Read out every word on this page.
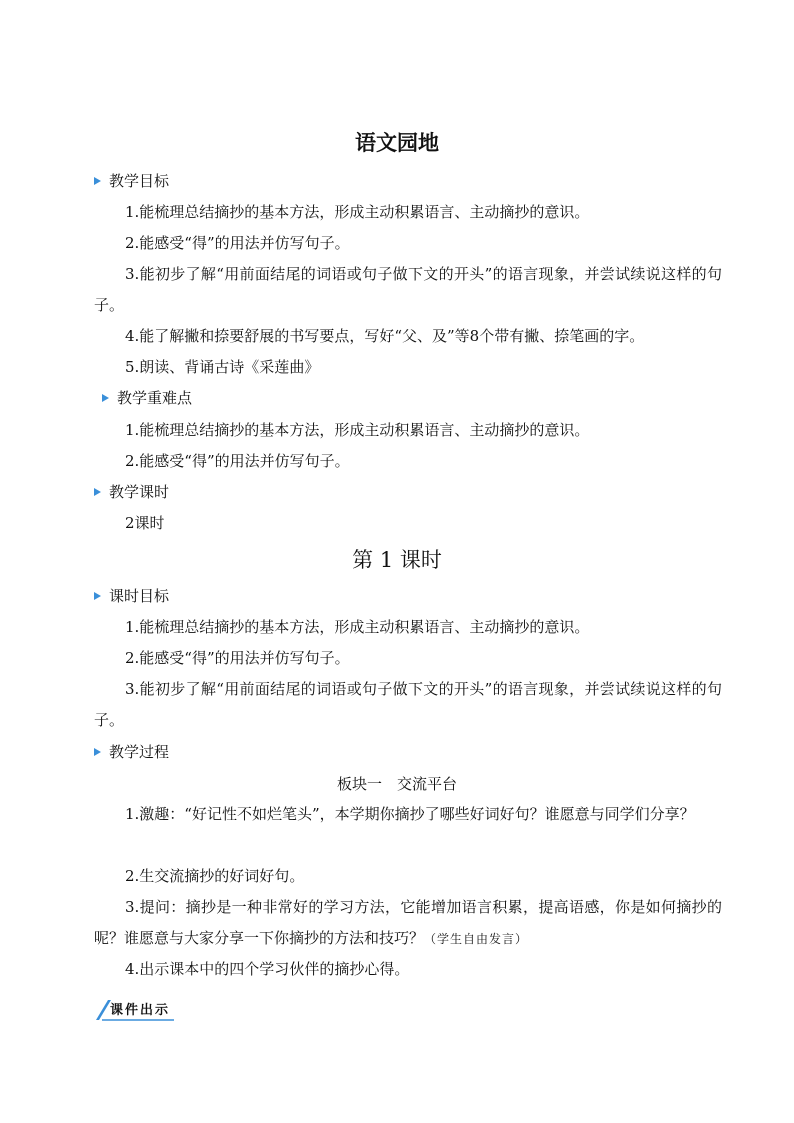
语文园地
教学目标
1.能梳理总结摘抄的基本方法，形成主动积累语言、主动摘抄的意识。
2.能感受“得”的用法并仿写句子。
3.能初步了解“用前面结尾的词语或句子做下文的开头”的语言现象，并尝试续说这样的句子。
4.能了解撇和捺要舒展的书写要点，写好“父、及”等8个带有撇、捺笔画的字。
5.朗读、背诵古诗《采莲曲》
教学重难点
1.能梳理总结摘抄的基本方法，形成主动积累语言、主动摘抄的意识。
2.能感受“得”的用法并仿写句子。
教学课时
2课时
第 1 课时
课时目标
1.能梳理总结摘抄的基本方法，形成主动积累语言、主动摘抄的意识。
2.能感受“得”的用法并仿写句子。
3.能初步了解“用前面结尾的词语或句子做下文的开头”的语言现象，并尝试续说这样的句子。
教学过程
板块一　交流平台
1.激趣：“好记性不如烂笔头”，本学期你摘抄了哪些好词好句？谁愿意与同学们分享？
2.生交流摘抄的好词好句。
3.提问：摘抄是一种非常好的学习方法，它能增加语言积累，提高语感，你是如何摘抄的呢？谁愿意与大家分享一下你摘抄的方法和技巧？（学生自由发言）
4.出示课本中的四个学习伙伴的摘抄心得。
课件出示
